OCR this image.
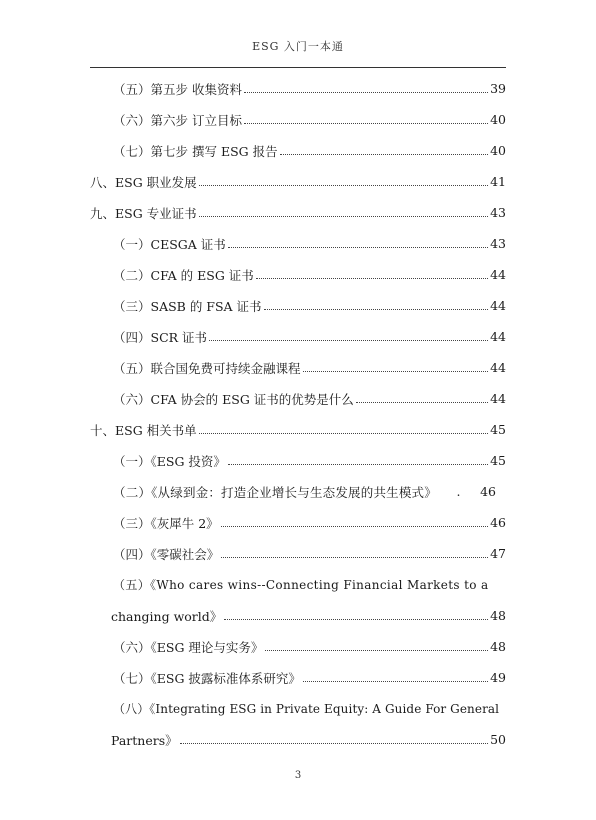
ESG 入门一本通
（五）第五步 收集资料	39
（六）第六步 订立目标	40
（七）第七步 撰写 ESG 报告	40
八、ESG 职业发展	41
九、ESG 专业证书	43
（一）CESGA 证书	43
（二）CFA 的 ESG 证书	44
（三）SASB 的 FSA 证书	44
（四）SCR 证书	44
（五）联合国免费可持续金融课程	44
（六）CFA 协会的 ESG 证书的优势是什么	44
十、ESG 相关书单	45
（一）《ESG 投资》	45
（二）《从绿到金：打造企业增长与生态发展的共生模式》	.	46
（三）《灰犀牛 2》	46
（四）《零碳社会》	47
（五）《Who cares wins--Connecting Financial Markets to a
changing world》	48
（六）《ESG 理论与实务》	48
（七）《ESG 披露标准体系研究》	49
（八）《Integrating ESG in Private Equity: A Guide For General
Partners》	50
3
